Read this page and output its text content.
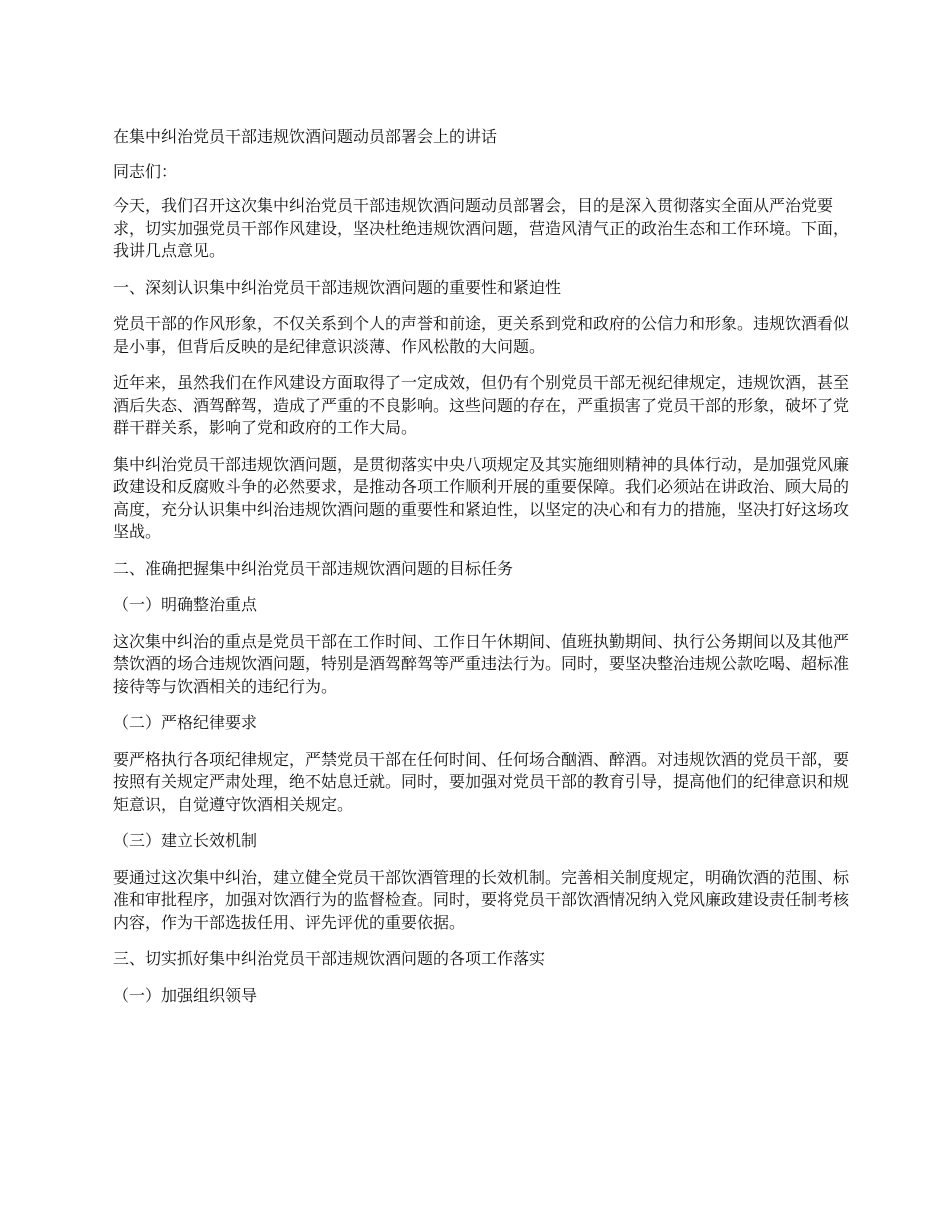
在集中纠治党员干部违规饮酒问题动员部署会上的讲话

同志们：

今天，我们召开这次集中纠治党员干部违规饮酒问题动员部署会，目的是深入贯彻落实全面从严治党要求，切实加强党员干部作风建设，坚决杜绝违规饮酒问题，营造风清气正的政治生态和工作环境。下面，我讲几点意见。

一、深刻认识集中纠治党员干部违规饮酒问题的重要性和紧迫性

党员干部的作风形象，不仅关系到个人的声誉和前途，更关系到党和政府的公信力和形象。违规饮酒看似是小事，但背后反映的是纪律意识淡薄、作风松散的大问题。

近年来，虽然我们在作风建设方面取得了一定成效，但仍有个别党员干部无视纪律规定，违规饮酒，甚至酒后失态、酒驾醉驾，造成了严重的不良影响。这些问题的存在，严重损害了党员干部的形象，破坏了党群干群关系，影响了党和政府的工作大局。

集中纠治党员干部违规饮酒问题，是贯彻落实中央八项规定及其实施细则精神的具体行动，是加强党风廉政建设和反腐败斗争的必然要求，是推动各项工作顺利开展的重要保障。我们必须站在讲政治、顾大局的高度，充分认识集中纠治违规饮酒问题的重要性和紧迫性，以坚定的决心和有力的措施，坚决打好这场攻坚战。

二、准确把握集中纠治党员干部违规饮酒问题的目标任务

（一）明确整治重点

这次集中纠治的重点是党员干部在工作时间、工作日午休期间、值班执勤期间、执行公务期间以及其他严禁饮酒的场合违规饮酒问题，特别是酒驾醉驾等严重违法行为。同时，要坚决整治违规公款吃喝、超标准接待等与饮酒相关的违纪行为。

（二）严格纪律要求

要严格执行各项纪律规定，严禁党员干部在任何时间、任何场合酗酒、醉酒。对违规饮酒的党员干部，要按照有关规定严肃处理，绝不姑息迁就。同时，要加强对党员干部的教育引导，提高他们的纪律意识和规矩意识，自觉遵守饮酒相关规定。

（三）建立长效机制

要通过这次集中纠治，建立健全党员干部饮酒管理的长效机制。完善相关制度规定，明确饮酒的范围、标准和审批程序，加强对饮酒行为的监督检查。同时，要将党员干部饮酒情况纳入党风廉政建设责任制考核内容，作为干部选拔任用、评先评优的重要依据。

三、切实抓好集中纠治党员干部违规饮酒问题的各项工作落实

（一）加强组织领导
